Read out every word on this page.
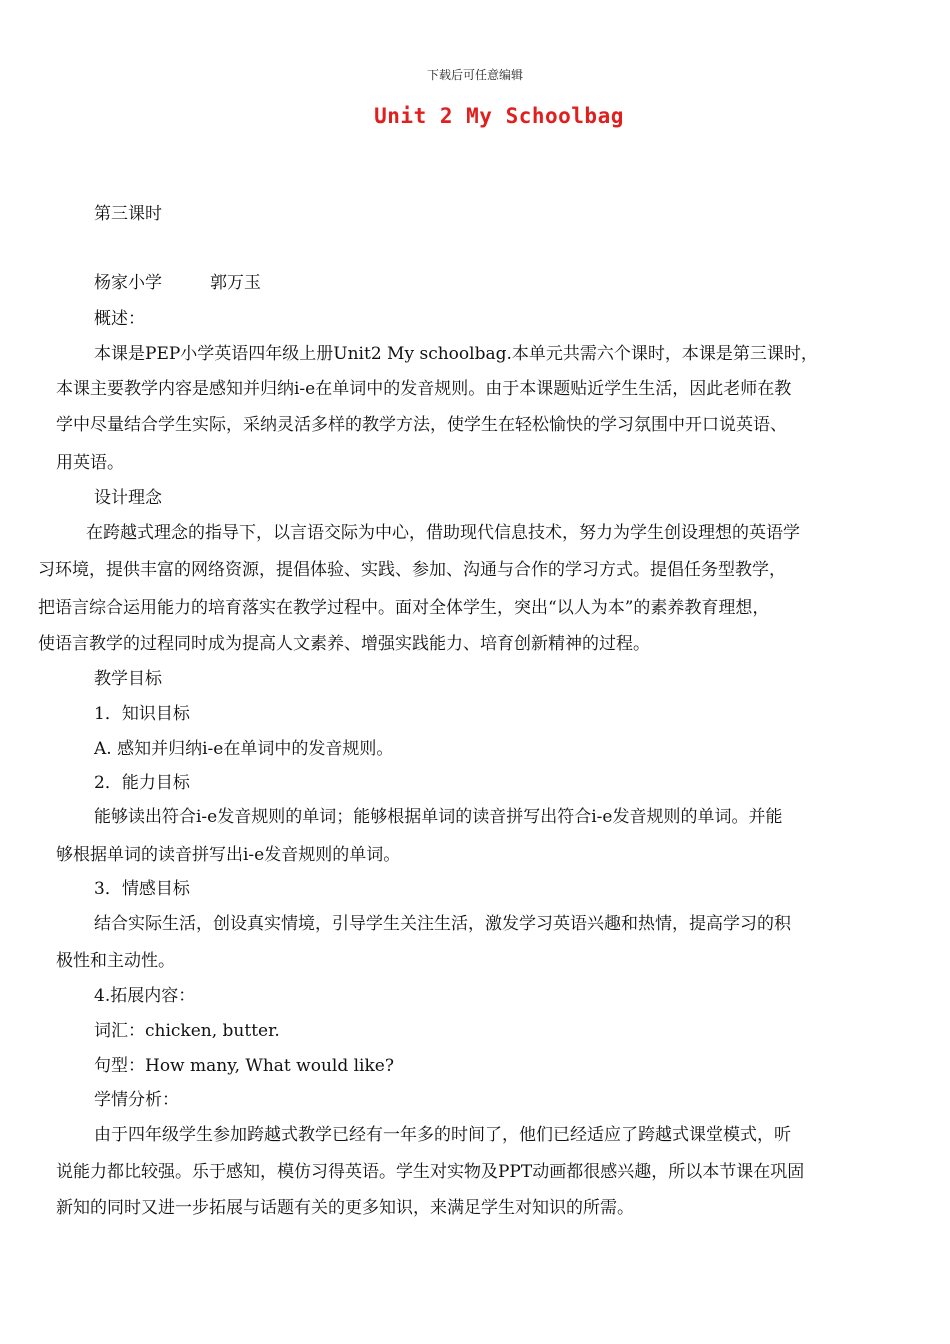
下载后可任意编辑
Unit 2 My Schoolbag
第三课时
杨家小学	郭万玉
概述：
本课是PEP小学英语四年级上册Unit2 My schoolbag.本单元共需六个课时，本课是第三课时，
本课主要教学内容是感知并归纳i-e在单词中的发音规则。由于本课题贴近学生生活，因此老师在教
学中尽量结合学生实际，采纳灵活多样的教学方法，使学生在轻松愉快的学习氛围中开口说英语、
用英语。
设计理念
在跨越式理念的指导下，以言语交际为中心，借助现代信息技术，努力为学生创设理想的英语学
习环境，提供丰富的网络资源，提倡体验、实践、参加、沟通与合作的学习方式。提倡任务型教学，
把语言综合运用能力的培育落实在教学过程中。面对全体学生，突出“以人为本”的素养教育理想，
使语言教学的过程同时成为提高人文素养、增强实践能力、培育创新精神的过程。
教学目标
1．知识目标
A. 感知并归纳i-e在单词中的发音规则。
2．能力目标
能够读出符合i-e发音规则的单词；能够根据单词的读音拼写出符合i-e发音规则的单词。并能
够根据单词的读音拼写出i-e发音规则的单词。
3．情感目标
结合实际生活，创设真实情境，引导学生关注生活，激发学习英语兴趣和热情，提高学习的积
极性和主动性。
4.拓展内容：
词汇：chicken, butter.
句型：How many, What would like?
学情分析：
由于四年级学生参加跨越式教学已经有一年多的时间了，他们已经适应了跨越式课堂模式，听
说能力都比较强。乐于感知，模仿习得英语。学生对实物及PPT动画都很感兴趣，所以本节课在巩固
新知的同时又进一步拓展与话题有关的更多知识，来满足学生对知识的所需。
